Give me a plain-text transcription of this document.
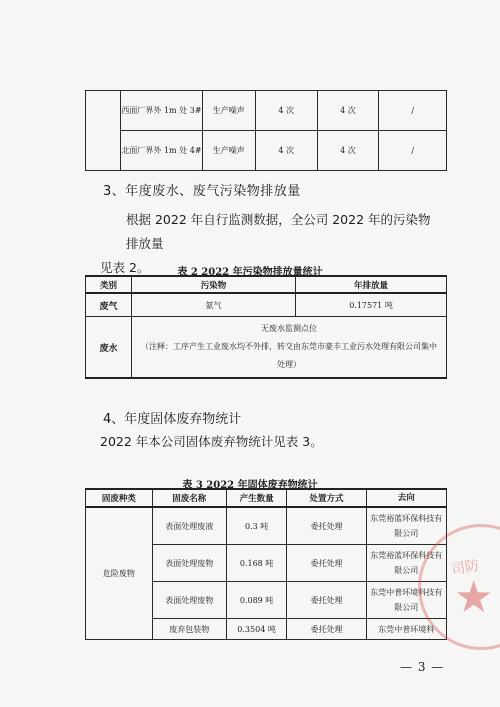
	西面厂界外 1m 处 3#	生产噪声	4 次	4 次	/
	北面厂界外 1m 处 4#	生产噪声	4 次	4 次	/
3、年度废水、废气污染物排放量
根据 2022 年自行监测数据，全公司 2022 年的污染物排放量
见表 2。	表 2 2022 年污染物排放量统计
类别	污染物	年排放量
废气	氨气	0.17571 吨
废水	无废水监测点位
（注释：工序产生工业废水均不外排，转交由东莞市豪丰工业污水处理有限公司集中处理）	
4、年度固体废弃物统计
2022 年本公司固体废弃物统计见表 3。
表 3 2022 年固体废弃物统计
固废种类	固废名称	产生数量	处置方式	去向
危险废物	表面处理废液	0.3 吨	委托处理	东莞裕蓝环保科技有限公司
	表面处理废物	0.168 吨	委托处理	东莞裕蓝环保科技有限公司
	表面处理废物	0.089 吨	委托处理	东莞中普环境科技有限公司
	废弃包装物	0.3504 吨	委托处理	东莞中普环境科
司防
★
— 3 —
